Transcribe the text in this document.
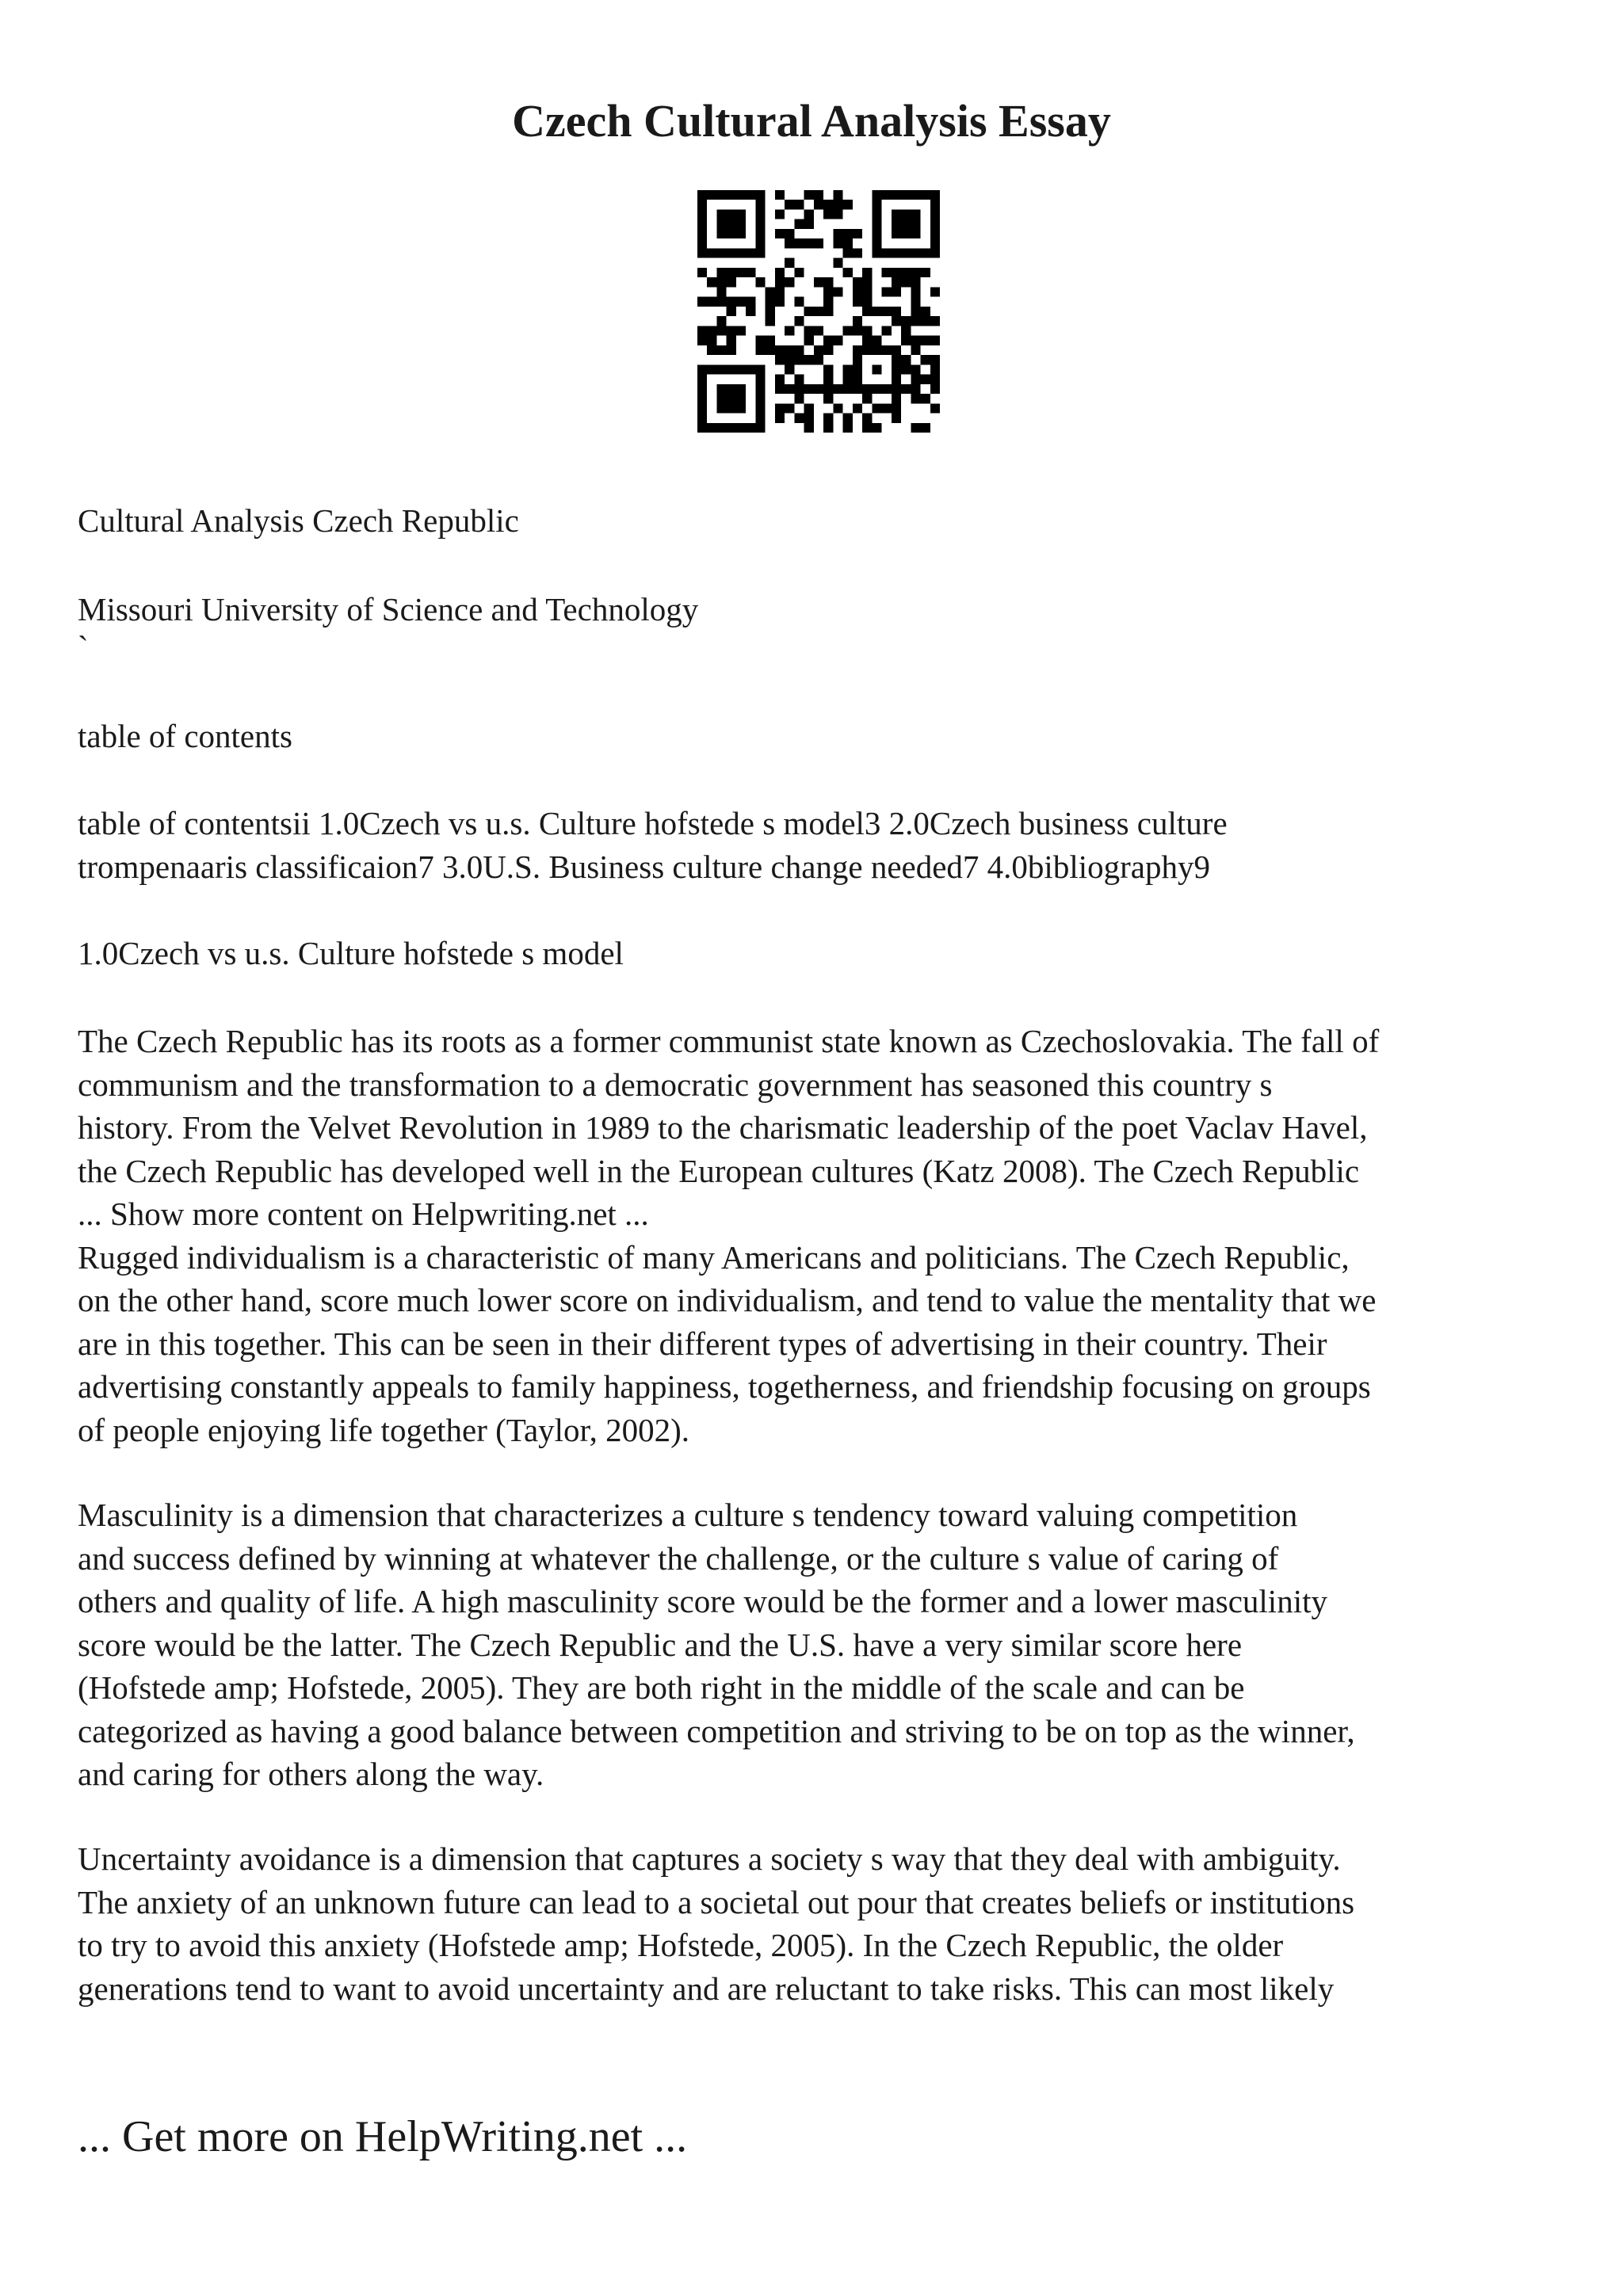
Czech Cultural Analysis Essay

Cultural Analysis Czech Republic

Missouri University of Science and Technology

`

table of contents

table of contentsii 1.0Czech vs u.s. Culture hofstede s model3 2.0Czech business culture
trompenaaris classificaion7 3.0U.S. Business culture change needed7 4.0bibliography9

1.0Czech vs u.s. Culture hofstede s model

The Czech Republic has its roots as a former communist state known as Czechoslovakia. The fall of
communism and the transformation to a democratic government has seasoned this country s
history. From the Velvet Revolution in 1989 to the charismatic leadership of the poet Vaclav Havel,
the Czech Republic has developed well in the European cultures (Katz 2008). The Czech Republic
... Show more content on Helpwriting.net ...
Rugged individualism is a characteristic of many Americans and politicians. The Czech Republic,
on the other hand, score much lower score on individualism, and tend to value the mentality that we
are in this together. This can be seen in their different types of advertising in their country. Their
advertising constantly appeals to family happiness, togetherness, and friendship focusing on groups
of people enjoying life together (Taylor, 2002).

Masculinity is a dimension that characterizes a culture s tendency toward valuing competition
and success defined by winning at whatever the challenge, or the culture s value of caring of
others and quality of life. A high masculinity score would be the former and a lower masculinity
score would be the latter. The Czech Republic and the U.S. have a very similar score here
(Hofstede amp; Hofstede, 2005). They are both right in the middle of the scale and can be
categorized as having a good balance between competition and striving to be on top as the winner,
and caring for others along the way.

Uncertainty avoidance is a dimension that captures a society s way that they deal with ambiguity.
The anxiety of an unknown future can lead to a societal out pour that creates beliefs or institutions
to try to avoid this anxiety (Hofstede amp; Hofstede, 2005). In the Czech Republic, the older
generations tend to want to avoid uncertainty and are reluctant to take risks. This can most likely

... Get more on HelpWriting.net ...
